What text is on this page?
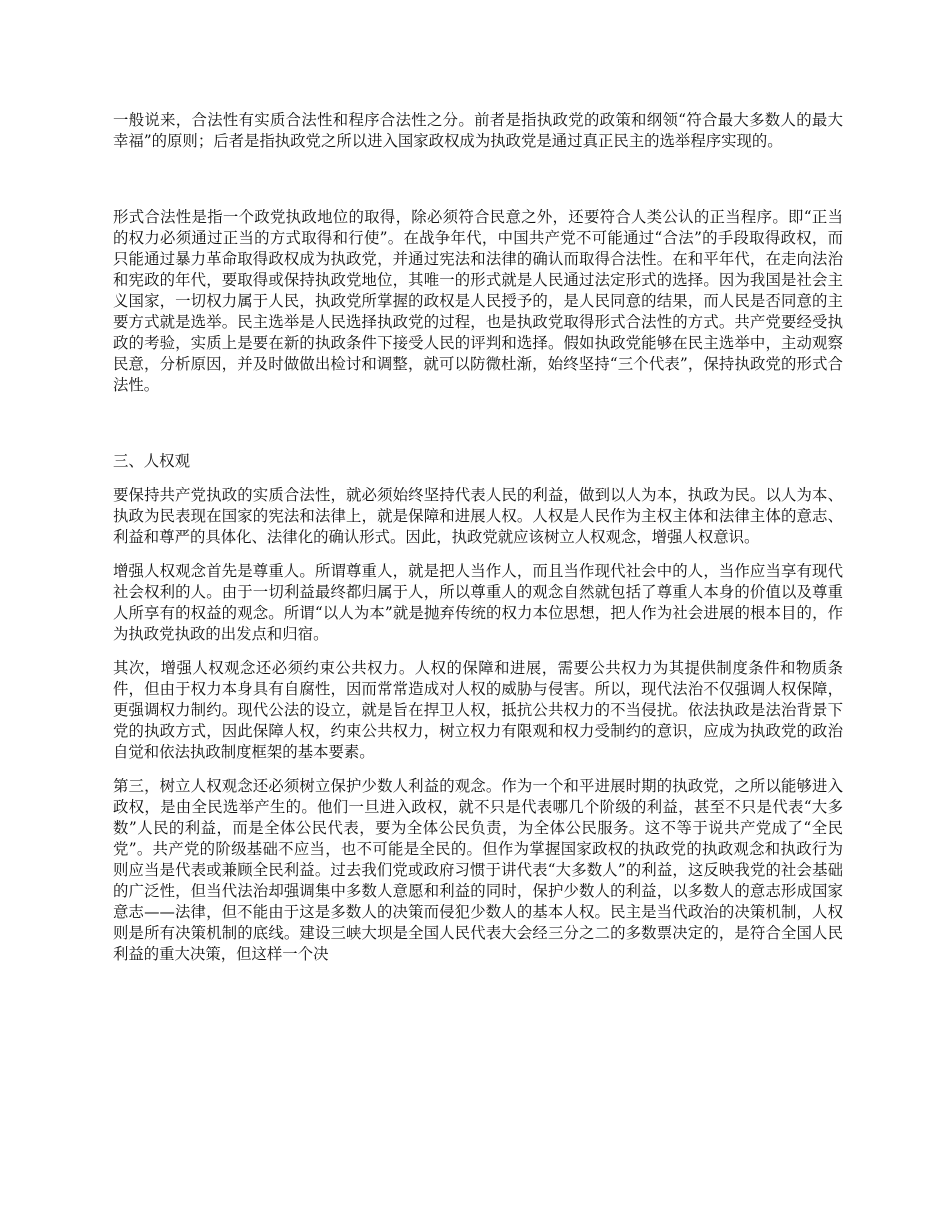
一般说来，合法性有实质合法性和程序合法性之分。前者是指执政党的政策和纲领“符合最大多数人的最大幸福”的原则；后者是指执政党之所以进入国家政权成为执政党是通过真正民主的选举程序实现的。

形式合法性是指一个政党执政地位的取得，除必须符合民意之外，还要符合人类公认的正当程序。即“正当的权力必须通过正当的方式取得和行使”。在战争年代，中国共产党不可能通过“合法”的手段取得政权，而只能通过暴力革命取得政权成为执政党，并通过宪法和法律的确认而取得合法性。在和平年代，在走向法治和宪政的年代，要取得或保持执政党地位，其唯一的形式就是人民通过法定形式的选择。因为我国是社会主义国家，一切权力属于人民，执政党所掌握的政权是人民授予的，是人民同意的结果，而人民是否同意的主要方式就是选举。民主选举是人民选择执政党的过程，也是执政党取得形式合法性的方式。共产党要经受执政的考验，实质上是要在新的执政条件下接受人民的评判和选择。假如执政党能够在民主选举中，主动观察民意，分析原因，并及时做做出检讨和调整，就可以防微杜渐，始终坚持“三个代表”，保持执政党的形式合法性。

三、人权观

要保持共产党执政的实质合法性，就必须始终坚持代表人民的利益，做到以人为本，执政为民。以人为本、执政为民表现在国家的宪法和法律上，就是保障和进展人权。人权是人民作为主权主体和法律主体的意志、利益和尊严的具体化、法律化的确认形式。因此，执政党就应该树立人权观念，增强人权意识。

增强人权观念首先是尊重人。所谓尊重人，就是把人当作人，而且当作现代社会中的人，当作应当享有现代社会权利的人。由于一切利益最终都归属于人，所以尊重人的观念自然就包括了尊重人本身的价值以及尊重人所享有的权益的观念。所谓“以人为本”就是抛弃传统的权力本位思想，把人作为社会进展的根本目的，作为执政党执政的出发点和归宿。

其次，增强人权观念还必须约束公共权力。人权的保障和进展，需要公共权力为其提供制度条件和物质条件，但由于权力本身具有自腐性，因而常常造成对人权的威胁与侵害。所以，现代法治不仅强调人权保障，更强调权力制约。现代公法的设立，就是旨在捍卫人权，抵抗公共权力的不当侵扰。依法执政是法治背景下党的执政方式，因此保障人权，约束公共权力，树立权力有限观和权力受制约的意识，应成为执政党的政治自觉和依法执政制度框架的基本要素。

第三，树立人权观念还必须树立保护少数人利益的观念。作为一个和平进展时期的执政党，之所以能够进入政权，是由全民选举产生的。他们一旦进入政权，就不只是代表哪几个阶级的利益，甚至不只是代表“大多数”人民的利益，而是全体公民代表，要为全体公民负责，为全体公民服务。这不等于说共产党成了“全民党”。共产党的阶级基础不应当，也不可能是全民的。但作为掌握国家政权的执政党的执政观念和执政行为则应当是代表或兼顾全民利益。过去我们党或政府习惯于讲代表“大多数人”的利益，这反映我党的社会基础的广泛性，但当代法治却强调集中多数人意愿和利益的同时，保护少数人的利益，以多数人的意志形成国家意志——法律，但不能由于这是多数人的决策而侵犯少数人的基本人权。民主是当代政治的决策机制，人权则是所有决策机制的底线。建设三峡大坝是全国人民代表大会经三分之二的多数票决定的，是符合全国人民利益的重大决策，但这样一个决
